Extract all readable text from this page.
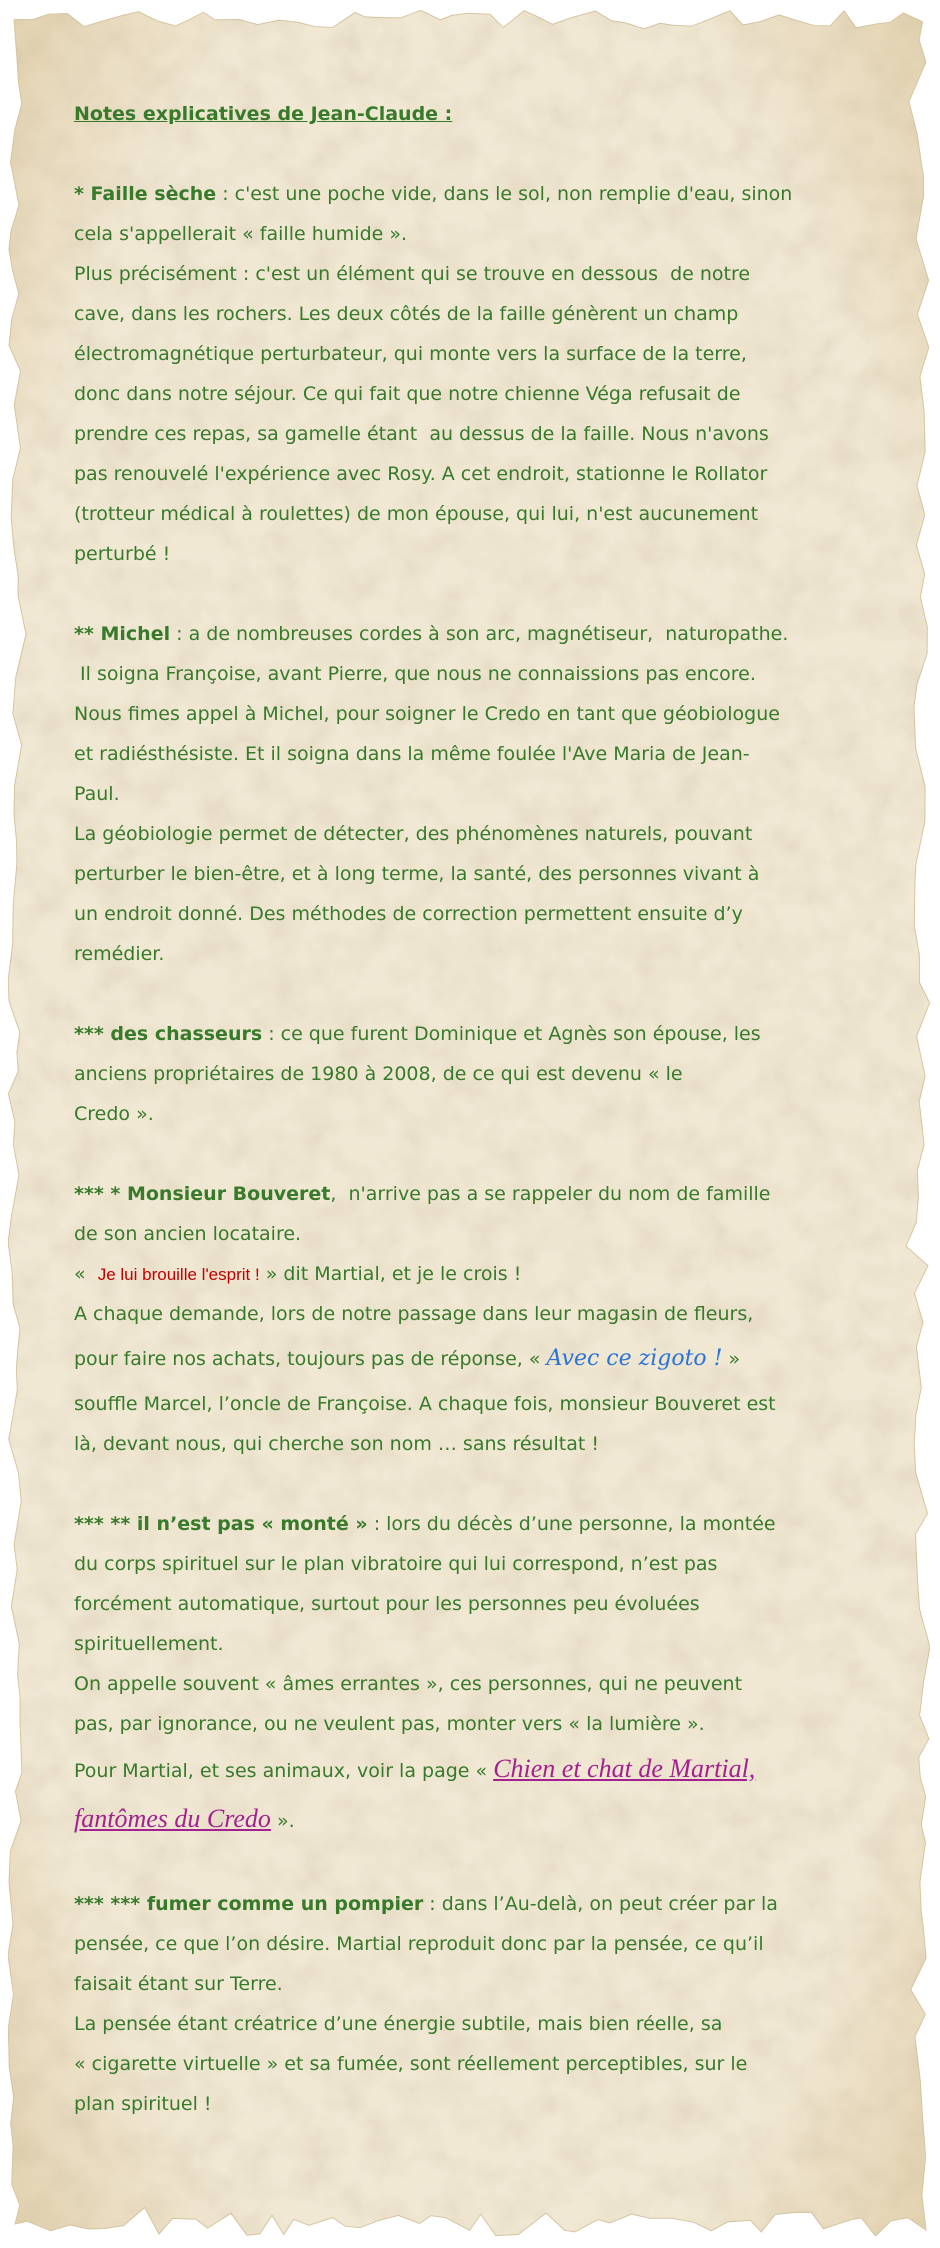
Notes explicatives de Jean-Claude :
* Faille sèche : c'est une poche vide, dans le sol, non remplie d'eau, sinon
cela s'appellerait « faille humide ».
Plus précisément : c'est un élément qui se trouve en dessous  de notre
cave, dans les rochers. Les deux côtés de la faille génèrent un champ
électromagnétique perturbateur, qui monte vers la surface de la terre,
donc dans notre séjour. Ce qui fait que notre chienne Véga refusait de
prendre ces repas, sa gamelle étant  au dessus de la faille. Nous n'avons
pas renouvelé l'expérience avec Rosy. A cet endroit, stationne le Rollator
(trotteur médical à roulettes) de mon épouse, qui lui, n'est aucunement
perturbé !
** Michel : a de nombreuses cordes à son arc, magnétiseur,  naturopathe.
Il soigna Françoise, avant Pierre, que nous ne connaissions pas encore.
Nous fimes appel à Michel, pour soigner le Credo en tant que géobiologue
et radiésthésiste. Et il soigna dans la même foulée l'Ave Maria de Jean-
Paul.
La géobiologie permet de détecter, des phénomènes naturels, pouvant
perturber le bien-être, et à long terme, la santé, des personnes vivant à
un endroit donné. Des méthodes de correction permettent ensuite d’y
remédier.
*** des chasseurs : ce que furent Dominique et Agnès son épouse, les
anciens propriétaires de 1980 à 2008, de ce qui est devenu « le
Credo ».
*** * Monsieur Bouveret,  n'arrive pas a se rappeler du nom de famille
de son ancien locataire.
«  Je lui brouille l'esprit ! » dit Martial, et je le crois !
A chaque demande, lors de notre passage dans leur magasin de fleurs,
pour faire nos achats, toujours pas de réponse, « Avec ce zigoto ! »
souffle Marcel, l’oncle de Françoise. A chaque fois, monsieur Bouveret est
là, devant nous, qui cherche son nom … sans résultat !
*** ** il n’est pas « monté » : lors du décès d’une personne, la montée
du corps spirituel sur le plan vibratoire qui lui correspond, n’est pas
forcément automatique, surtout pour les personnes peu évoluées
spirituellement.
On appelle souvent « âmes errantes », ces personnes, qui ne peuvent
pas, par ignorance, ou ne veulent pas, monter vers « la lumière ».
Pour Martial, et ses animaux, voir la page « Chien et chat de Martial,
fantômes du Credo ».
*** *** fumer comme un pompier : dans l’Au-delà, on peut créer par la
pensée, ce que l’on désire. Martial reproduit donc par la pensée, ce qu’il
faisait étant sur Terre.
La pensée étant créatrice d’une énergie subtile, mais bien réelle, sa
« cigarette virtuelle » et sa fumée, sont réellement perceptibles, sur le
plan spirituel !
